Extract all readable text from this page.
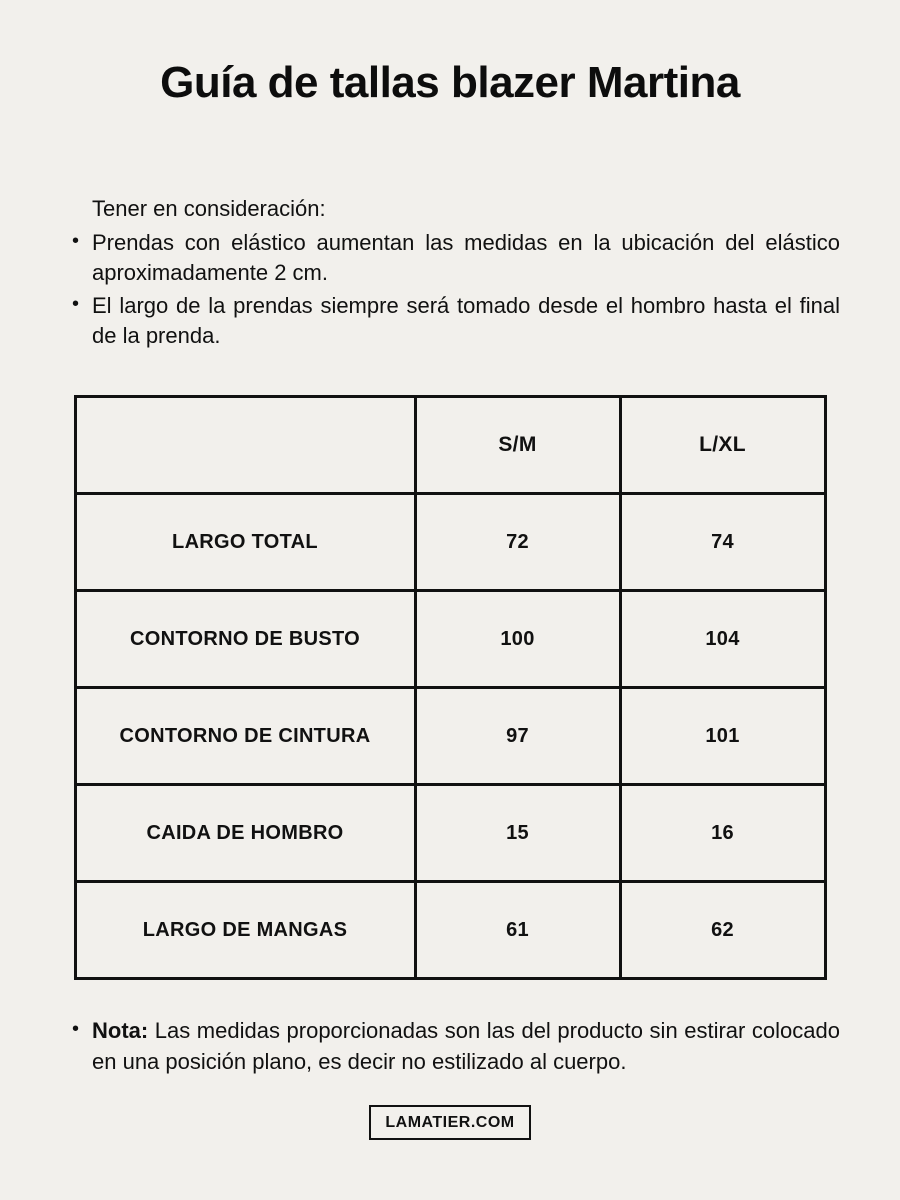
Guía de tallas blazer Martina
Tener en consideración:
• Prendas con elástico aumentan las medidas en la ubicación del elástico aproximadamente 2 cm.
• El largo de la prendas siempre será tomado desde el hombro hasta el final de la prenda.
	S/M	L/XL
LARGO TOTAL	72	74
CONTORNO DE BUSTO	100	104
CONTORNO DE CINTURA	97	101
CAIDA DE HOMBRO	15	16
LARGO DE MANGAS	61	62
• Nota: Las medidas proporcionadas son las del producto sin estirar colocado en una posición plano, es decir no estilizado al cuerpo.
LAMATIER.COM
